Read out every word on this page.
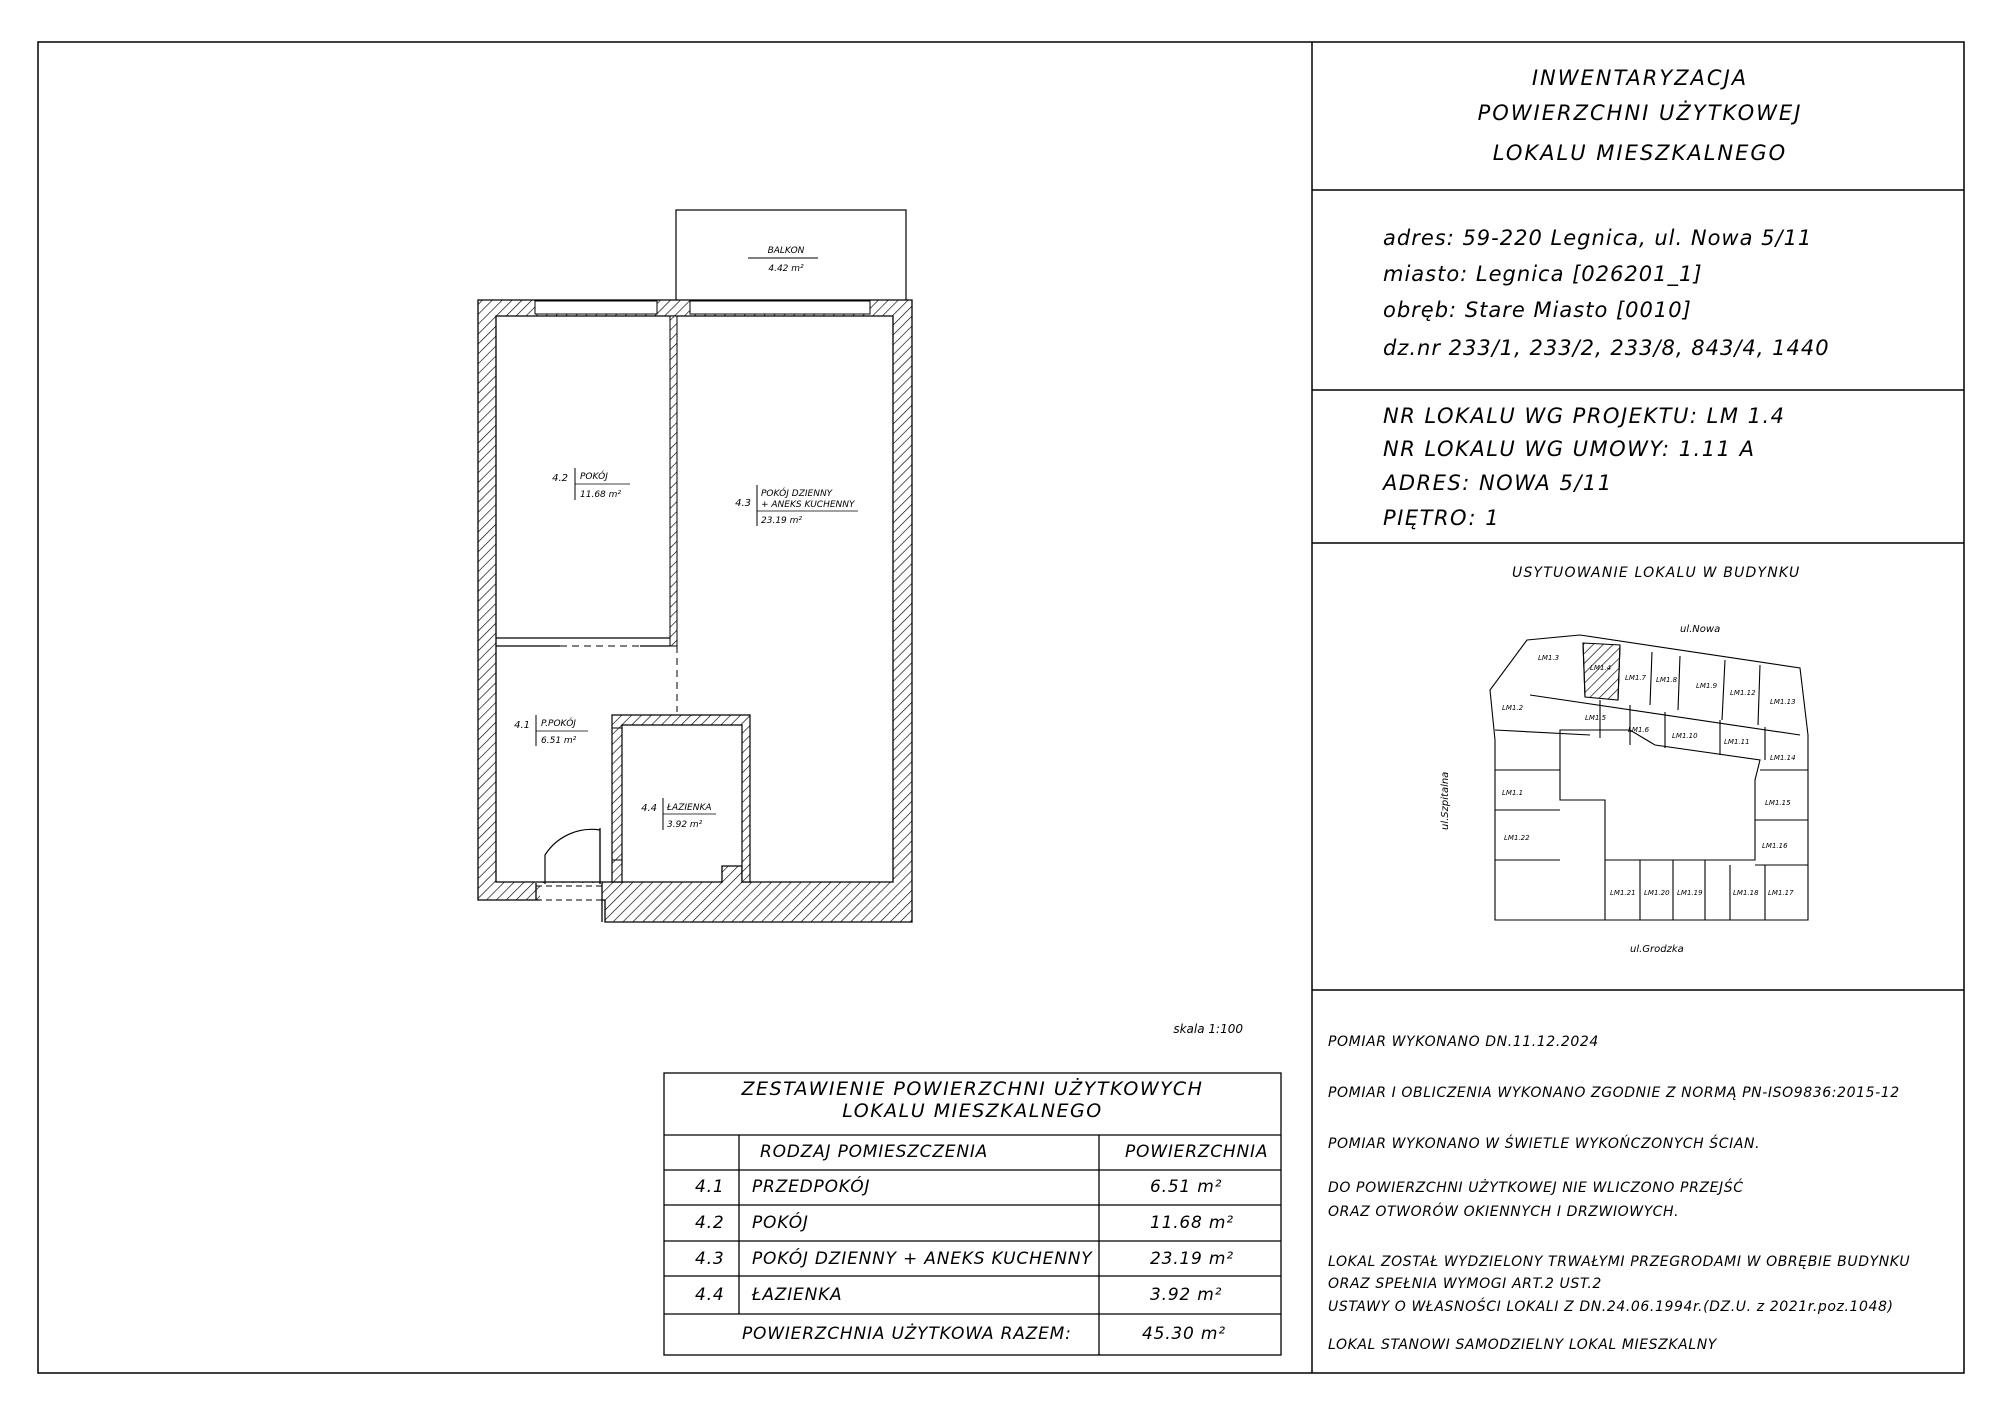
4.2 POKÓJ
11.68 m²
4.3
POKÓJ DZIENNY
+ ANEKS KUCHENNY
23.19 m²
4.1 P.POKÓJ
6.51 m²
4.4 ŁAZIENKA
3.92 m²
BALKON
4.42 m²
skala 1:100
LM1.3
LM1.4
LM1.7 LM1.8
LM1.9
LM1.12
LM1.13
LM1.2
LM1.5
LM1.6
LM1.10
LM1.11
LM1.14
LM1.1
LM1.15
LM1.22
LM1.16
LM1.21 LM1.20 LM1.19	LM1.18 LM1.17
ul.Nowa
ul.Grodzka
ul.Szpitalna
INWENTARYZACJA
POWIERZCHNI UŻYTKOWEJ
LOKALU MIESZKALNEGO
adres: 59-220 Legnica, ul. Nowa 5/11
miasto: Legnica [026201_1]
obręb: Stare Miasto [0010]
dz.nr 233/1, 233/2, 233/8, 843/4, 1440
NR LOKALU WG PROJEKTU: LM 1.4
NR LOKALU WG UMOWY: 1.11 A
ADRES: NOWA 5/11
PIĘTRO: 1
USYTUOWANIE LOKALU W BUDYNKU
POMIAR WYKONANO DN.11.12.2024
POMIAR I OBLICZENIA WYKONANO ZGODNIE Z NORMĄ PN-ISO9836:2015-12
POMIAR WYKONANO W ŚWIETLE WYKOŃCZONYCH ŚCIAN.
DO POWIERZCHNI UŻYTKOWEJ NIE WLICZONO PRZEJŚĆ
ORAZ OTWORÓW OKIENNYCH I DRZWIOWYCH.
LOKAL ZOSTAŁ WYDZIELONY TRWAŁYMI PRZEGRODAMI W OBRĘBIE BUDYNKU
ORAZ SPEŁNIA WYMOGI ART.2 UST.2
USTAWY O WŁASNOŚCI LOKALI Z DN.24.06.1994r.(DZ.U. z 2021r.poz.1048)
LOKAL STANOWI SAMODZIELNY LOKAL MIESZKALNY
ZESTAWIENIE POWIERZCHNI UŻYTKOWYCH
LOKALU MIESZKALNEGO
RODZAJ POMIESZCZENIA	POWIERZCHNIA
4.1 PRZEDPOKÓJ	6.51 m²
4.2 POKÓJ	11.68 m²
4.3 POKÓJ DZIENNY + ANEKS KUCHENNY	23.19 m²
4.4 ŁAZIENKA	3.92 m²
POWIERZCHNIA UŻYTKOWA RAZEM:	45.30 m²
